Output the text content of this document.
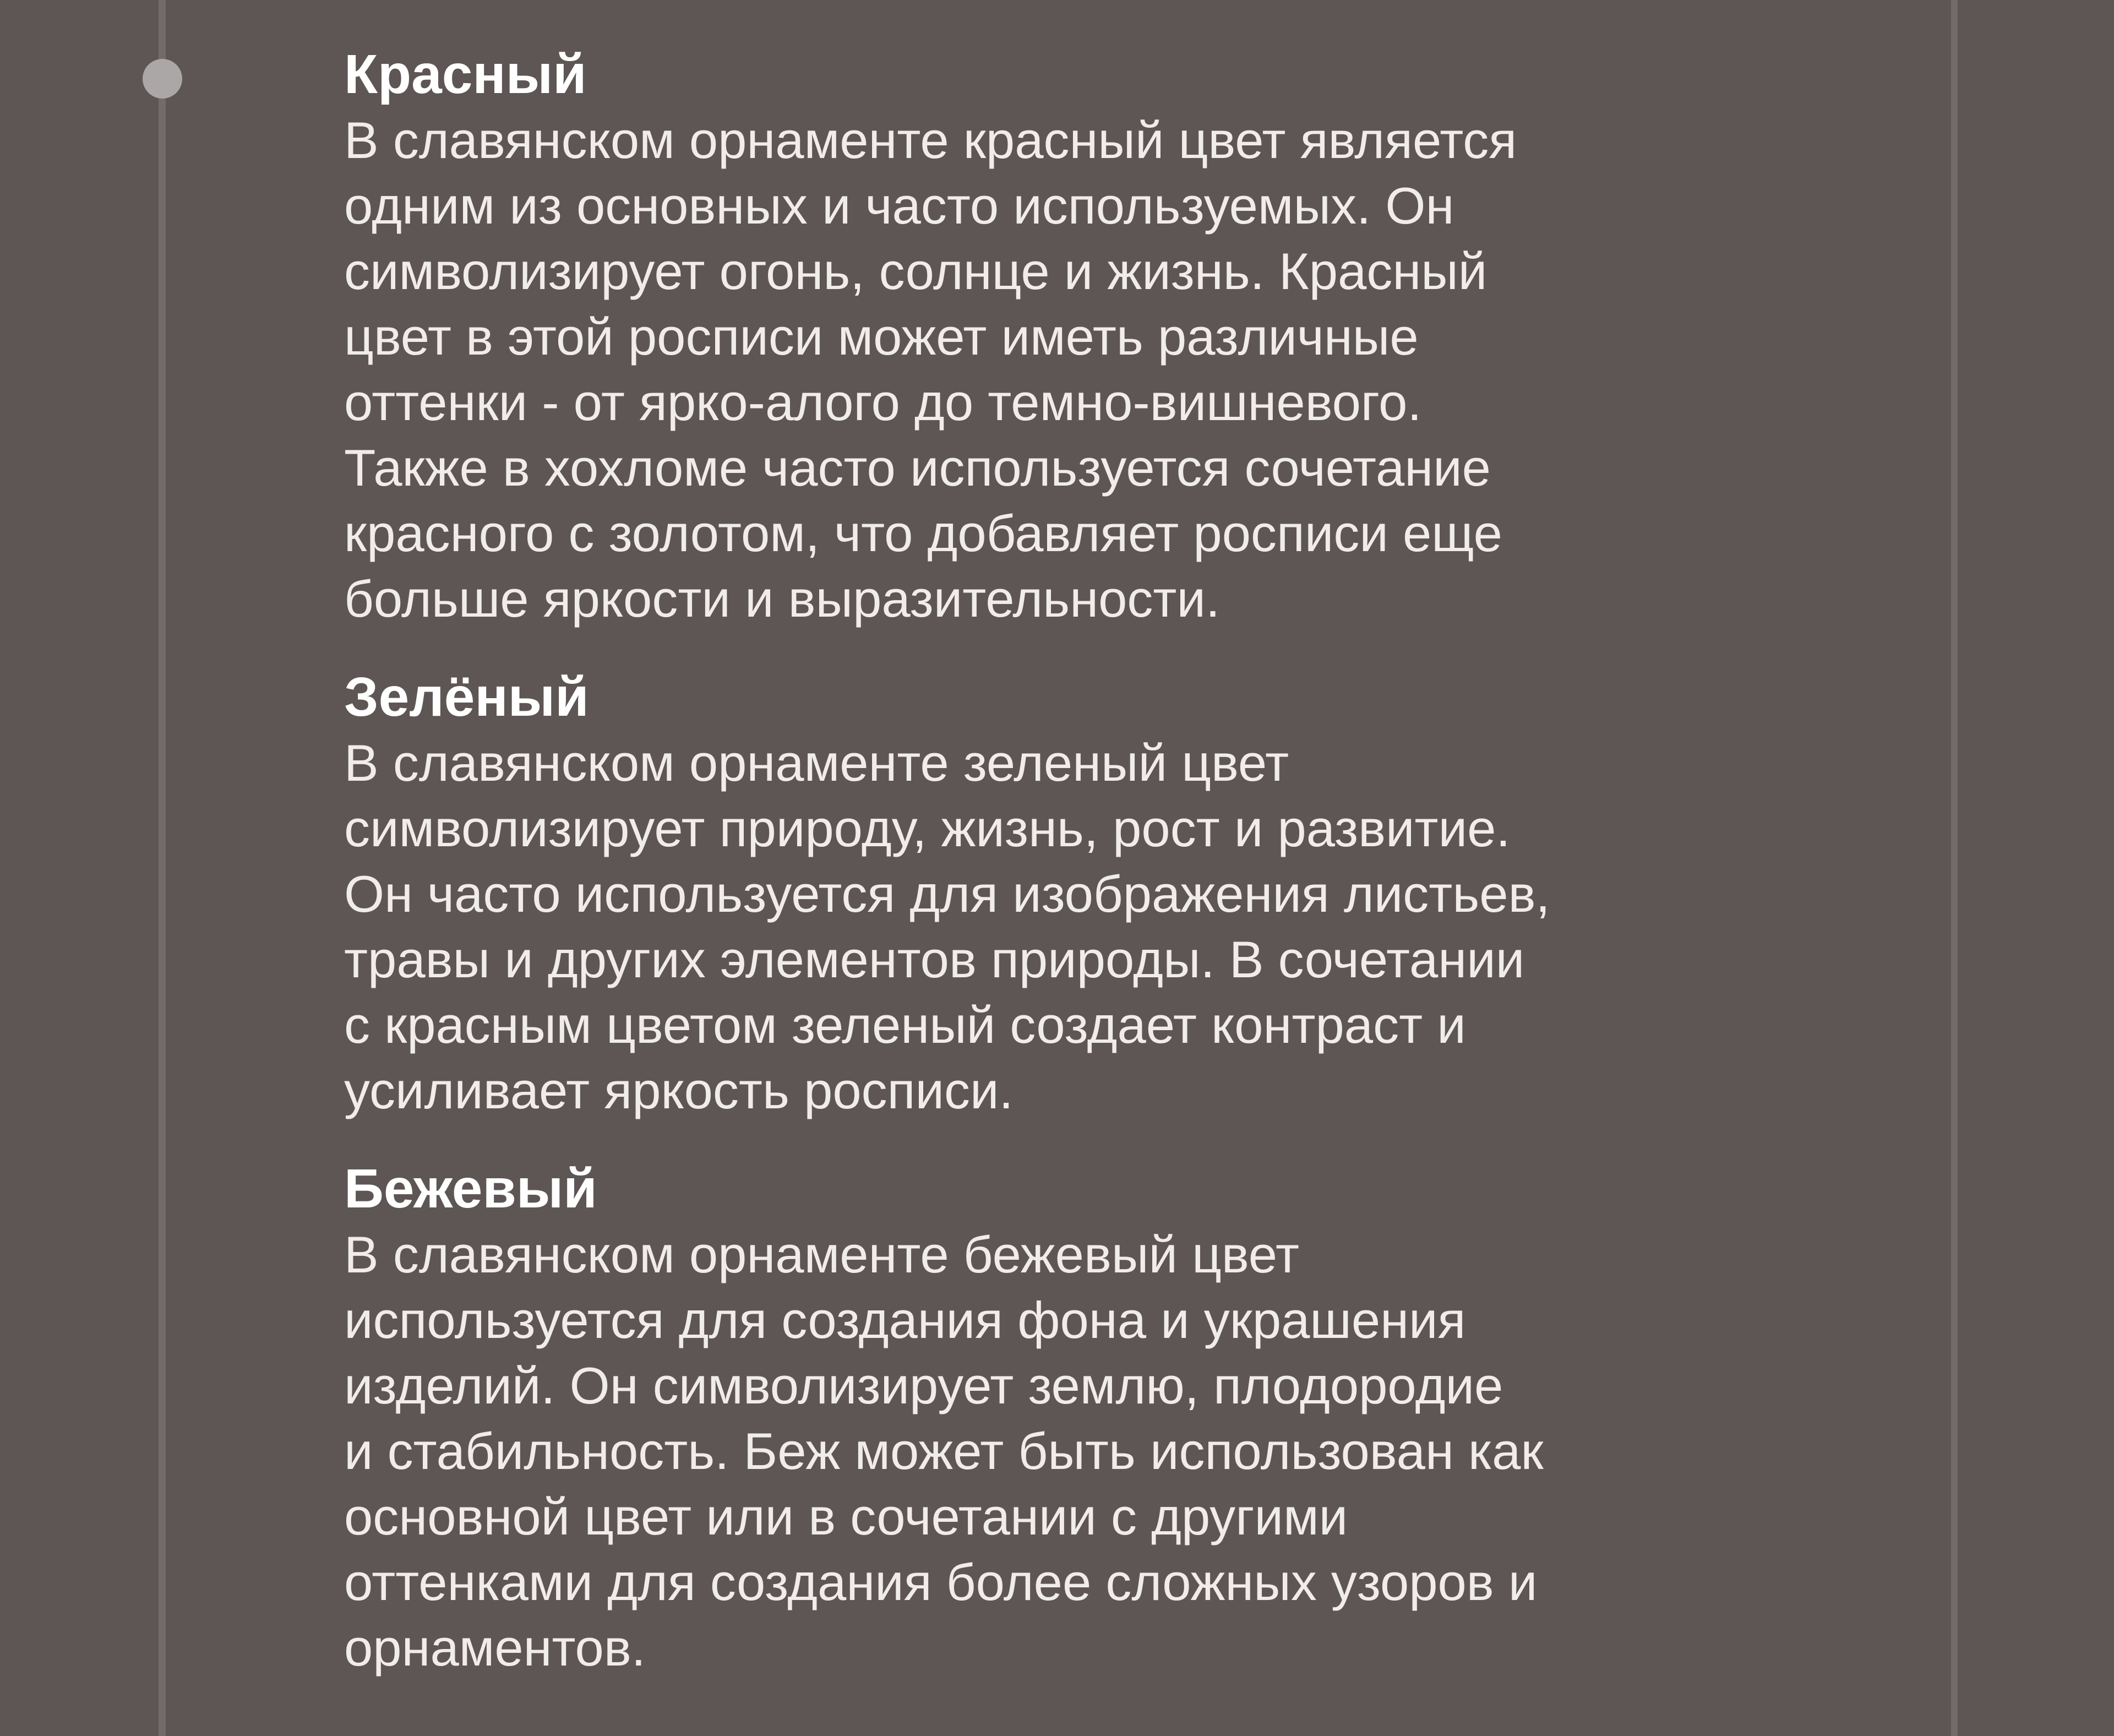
Красный

В славянском орнаменте красный цвет является
одним из основных и часто используемых. Он
символизирует огонь, солнце и жизнь. Красный
цвет в этой росписи может иметь различные
оттенки - от ярко-алого до темно-вишневого.
Также в хохломе часто используется сочетание
красного с золотом, что добавляет росписи еще
больше яркости и выразительности.

Зелёный

В славянском орнаменте зеленый цвет
символизирует природу, жизнь, рост и развитие.
Он часто используется для изображения листьев,
травы и других элементов природы. В сочетании
с красным цветом зеленый создает контраст и
усиливает яркость росписи.

Бежевый

В славянском орнаменте бежевый цвет
используется для создания фона и украшения
изделий. Он символизирует землю, плодородие
и стабильность. Беж может быть использован как
основной цвет или в сочетании с другими
оттенками для создания более сложных узоров и
орнаментов.
